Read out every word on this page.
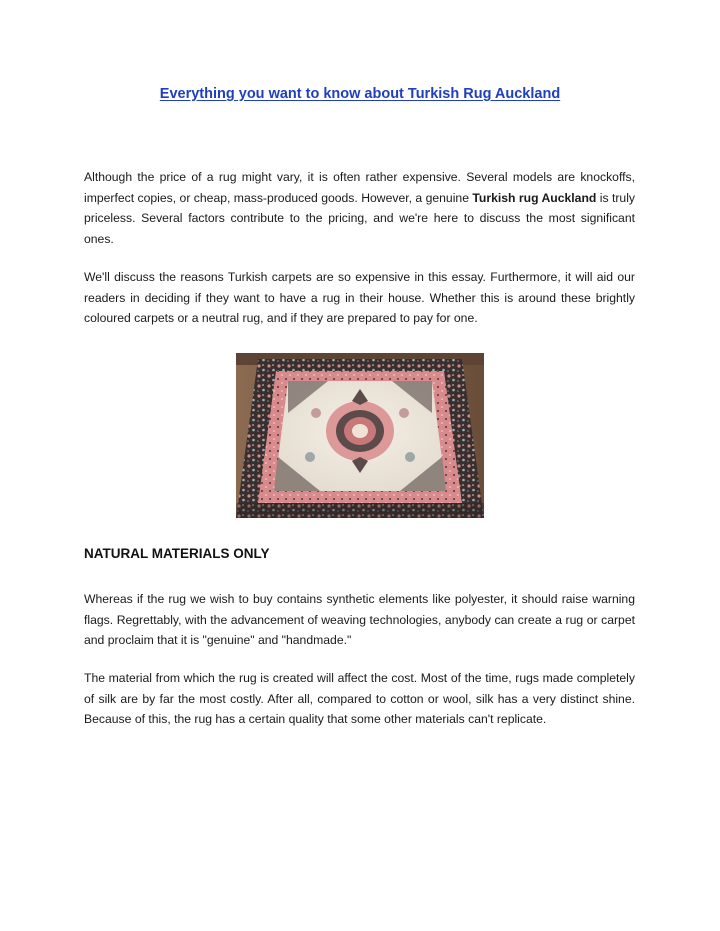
Everything you want to know about Turkish Rug Auckland

Although the price of a rug might vary, it is often rather expensive. Several models are knockoffs, imperfect copies, or cheap, mass-produced goods. However, a genuine Turkish rug Auckland is truly priceless. Several factors contribute to the pricing, and we're here to discuss the most significant ones.

We'll discuss the reasons Turkish carpets are so expensive in this essay. Furthermore, it will aid our readers in deciding if they want to have a rug in their house. Whether this is around these brightly coloured carpets or a neutral rug, and if they are prepared to pay for one.

NATURAL MATERIALS ONLY

Whereas if the rug we wish to buy contains synthetic elements like polyester, it should raise warning flags. Regrettably, with the advancement of weaving technologies, anybody can create a rug or carpet and proclaim that it is "genuine" and "handmade."

The material from which the rug is created will affect the cost. Most of the time, rugs made completely of silk are by far the most costly. After all, compared to cotton or wool, silk has a very distinct shine. Because of this, the rug has a certain quality that some other materials can't replicate.
